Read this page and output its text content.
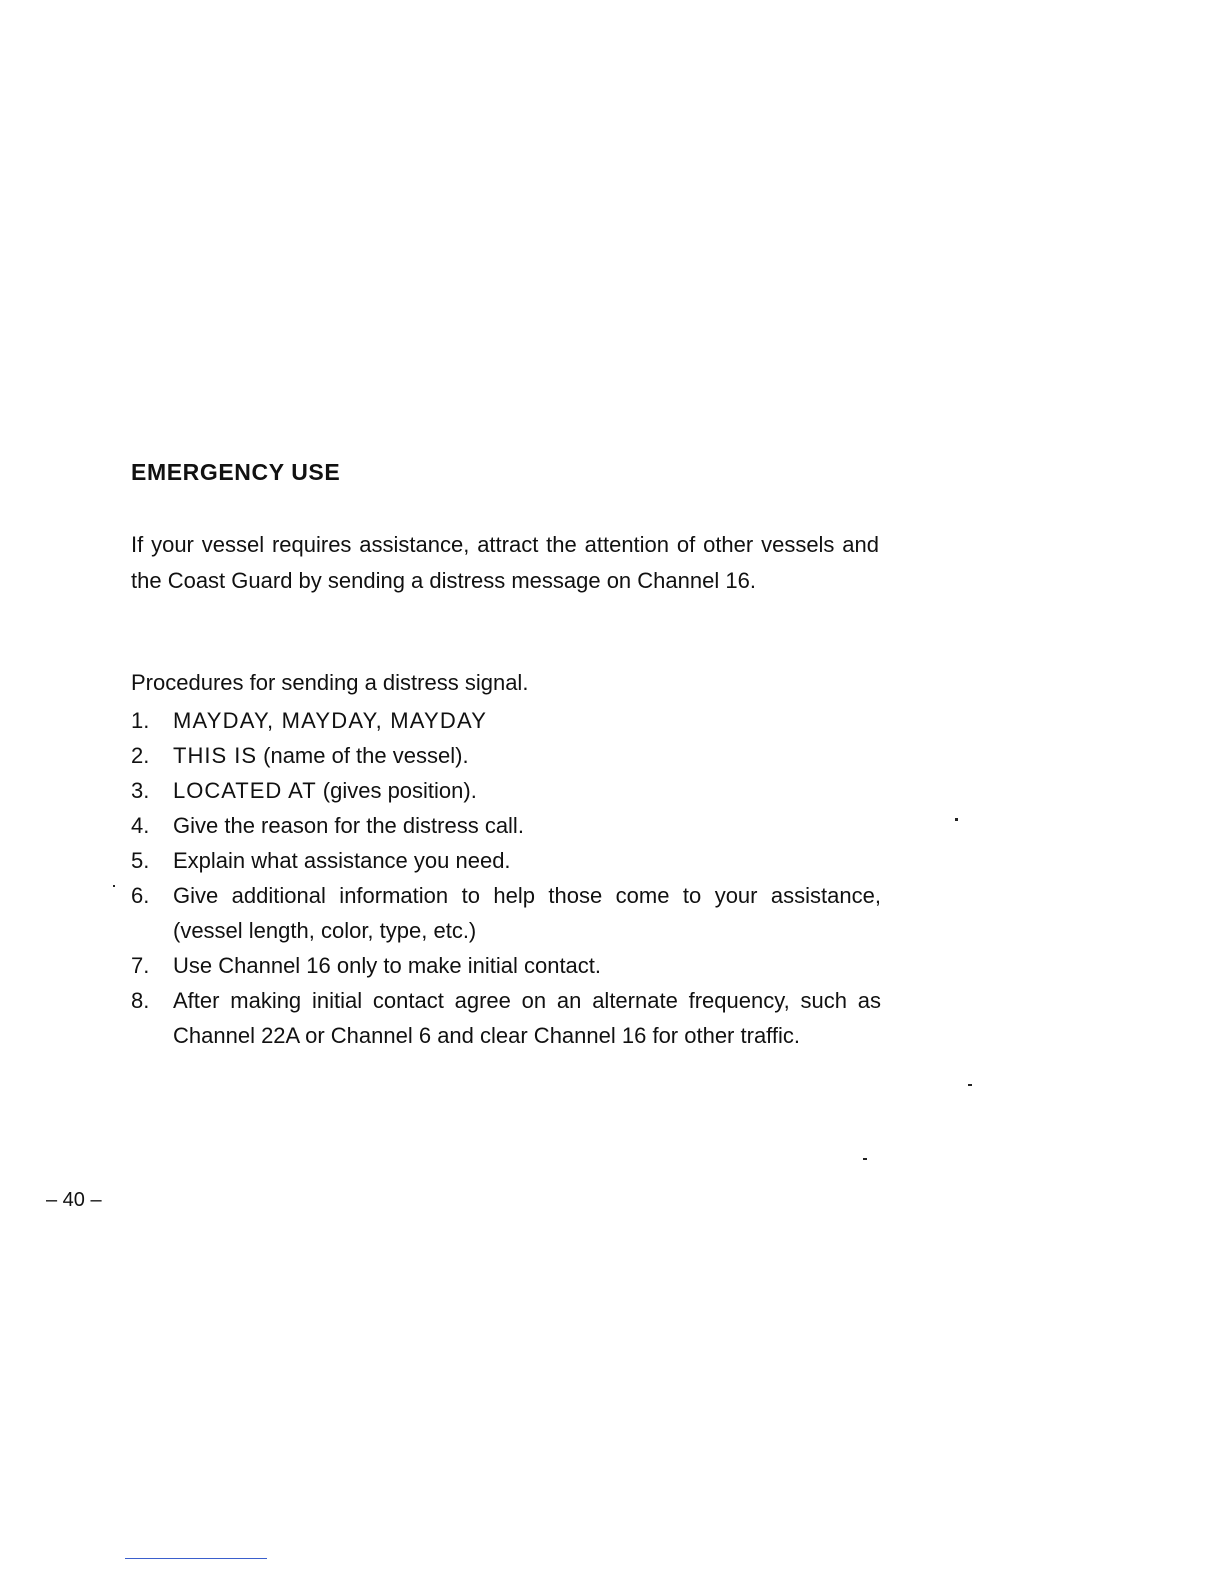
EMERGENCY USE

If your vessel requires assistance, attract the attention of other vessels and the Coast Guard by sending a distress message on Channel 16.

Procedures for sending a distress signal.

1. MAYDAY, MAYDAY, MAYDAY
2. THIS IS (name of the vessel).
3. LOCATED AT (gives position).
4. Give the reason for the distress call.
5. Explain what assistance you need.
6. Give additional information to help those come to your assistance, (vessel length, color, type, etc.)
7. Use Channel 16 only to make initial contact.
8. After making initial contact agree on an alternate frequency, such as Channel 22A or Channel 6 and clear Channel 16 for other traffic.

– 40 –
